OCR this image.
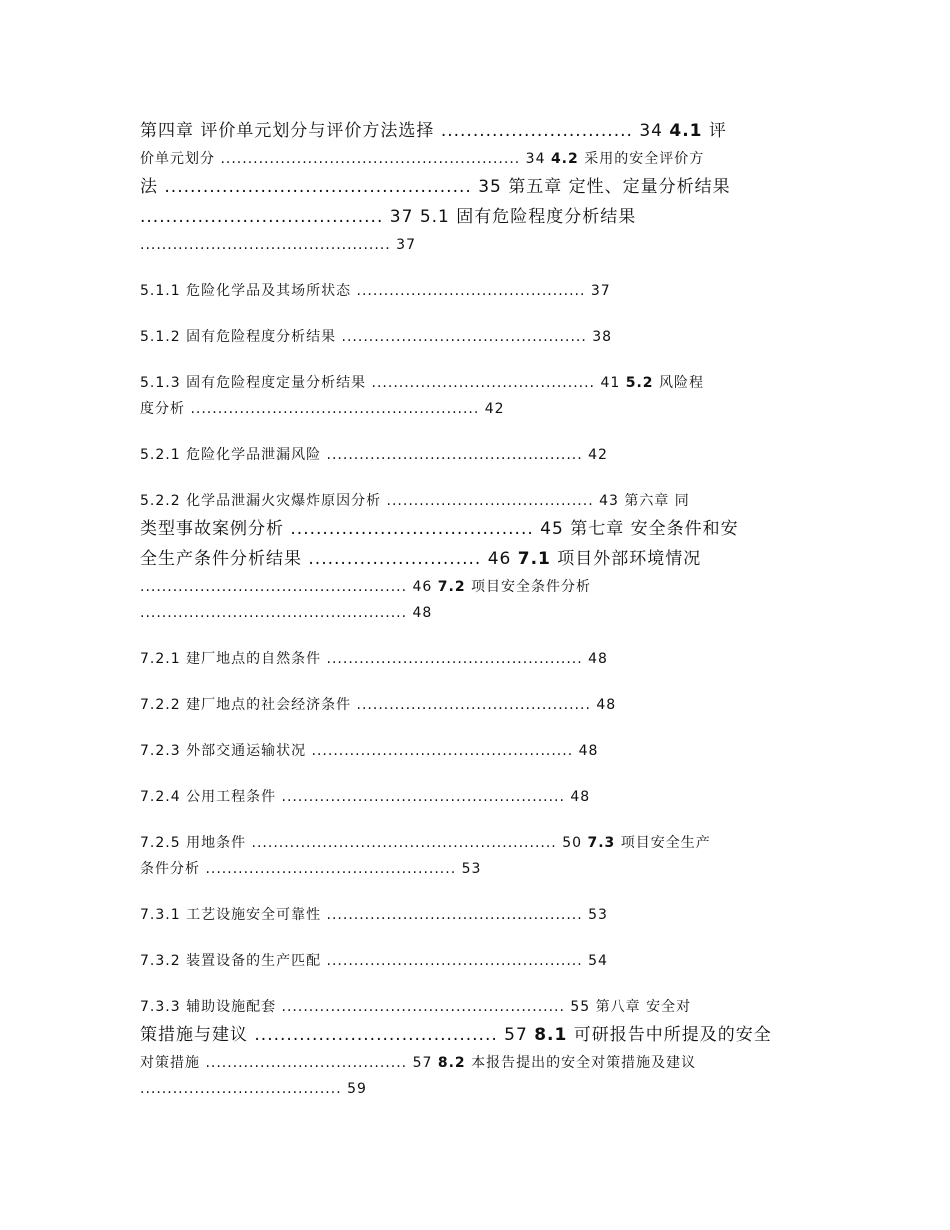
第四章 评价单元划分与评价方法选择 .............................. 34 4.1 评
价单元划分 ....................................................... 34 4.2 采用的安全评价方
法 ................................................ 35 第五章 定性、定量分析结果
...................................... 37 5.1 固有危险程度分析结果
.............................................. 37
5.1.1 危险化学品及其场所状态 .......................................... 37
5.1.2 固有危险程度分析结果 ............................................. 38
5.1.3 固有危险程度定量分析结果 ......................................... 41 5.2 风险程
度分析 ..................................................... 42
5.2.1 危险化学品泄漏风险 ............................................... 42
5.2.2 化学品泄漏火灾爆炸原因分析 ...................................... 43 第六章 同
类型事故案例分析 ...................................... 45 第七章 安全条件和安
全生产条件分析结果 ........................... 46 7.1 项目外部环境情况
................................................. 46 7.2 项目安全条件分析
................................................. 48
7.2.1 建厂地点的自然条件 ............................................... 48
7.2.2 建厂地点的社会经济条件 ........................................... 48
7.2.3 外部交通运输状况 ................................................ 48
7.2.4 公用工程条件 .................................................... 48
7.2.5 用地条件 ........................................................ 50 7.3 项目安全生产
条件分析 .............................................. 53
7.3.1 工艺设施安全可靠性 ............................................... 53
7.3.2 装置设备的生产匹配 ............................................... 54
7.3.3 辅助设施配套 .................................................... 55 第八章 安全对
策措施与建议 ...................................... 57 8.1 可研报告中所提及的安全
对策措施 ..................................... 57 8.2 本报告提出的安全对策措施及建议
..................................... 59
